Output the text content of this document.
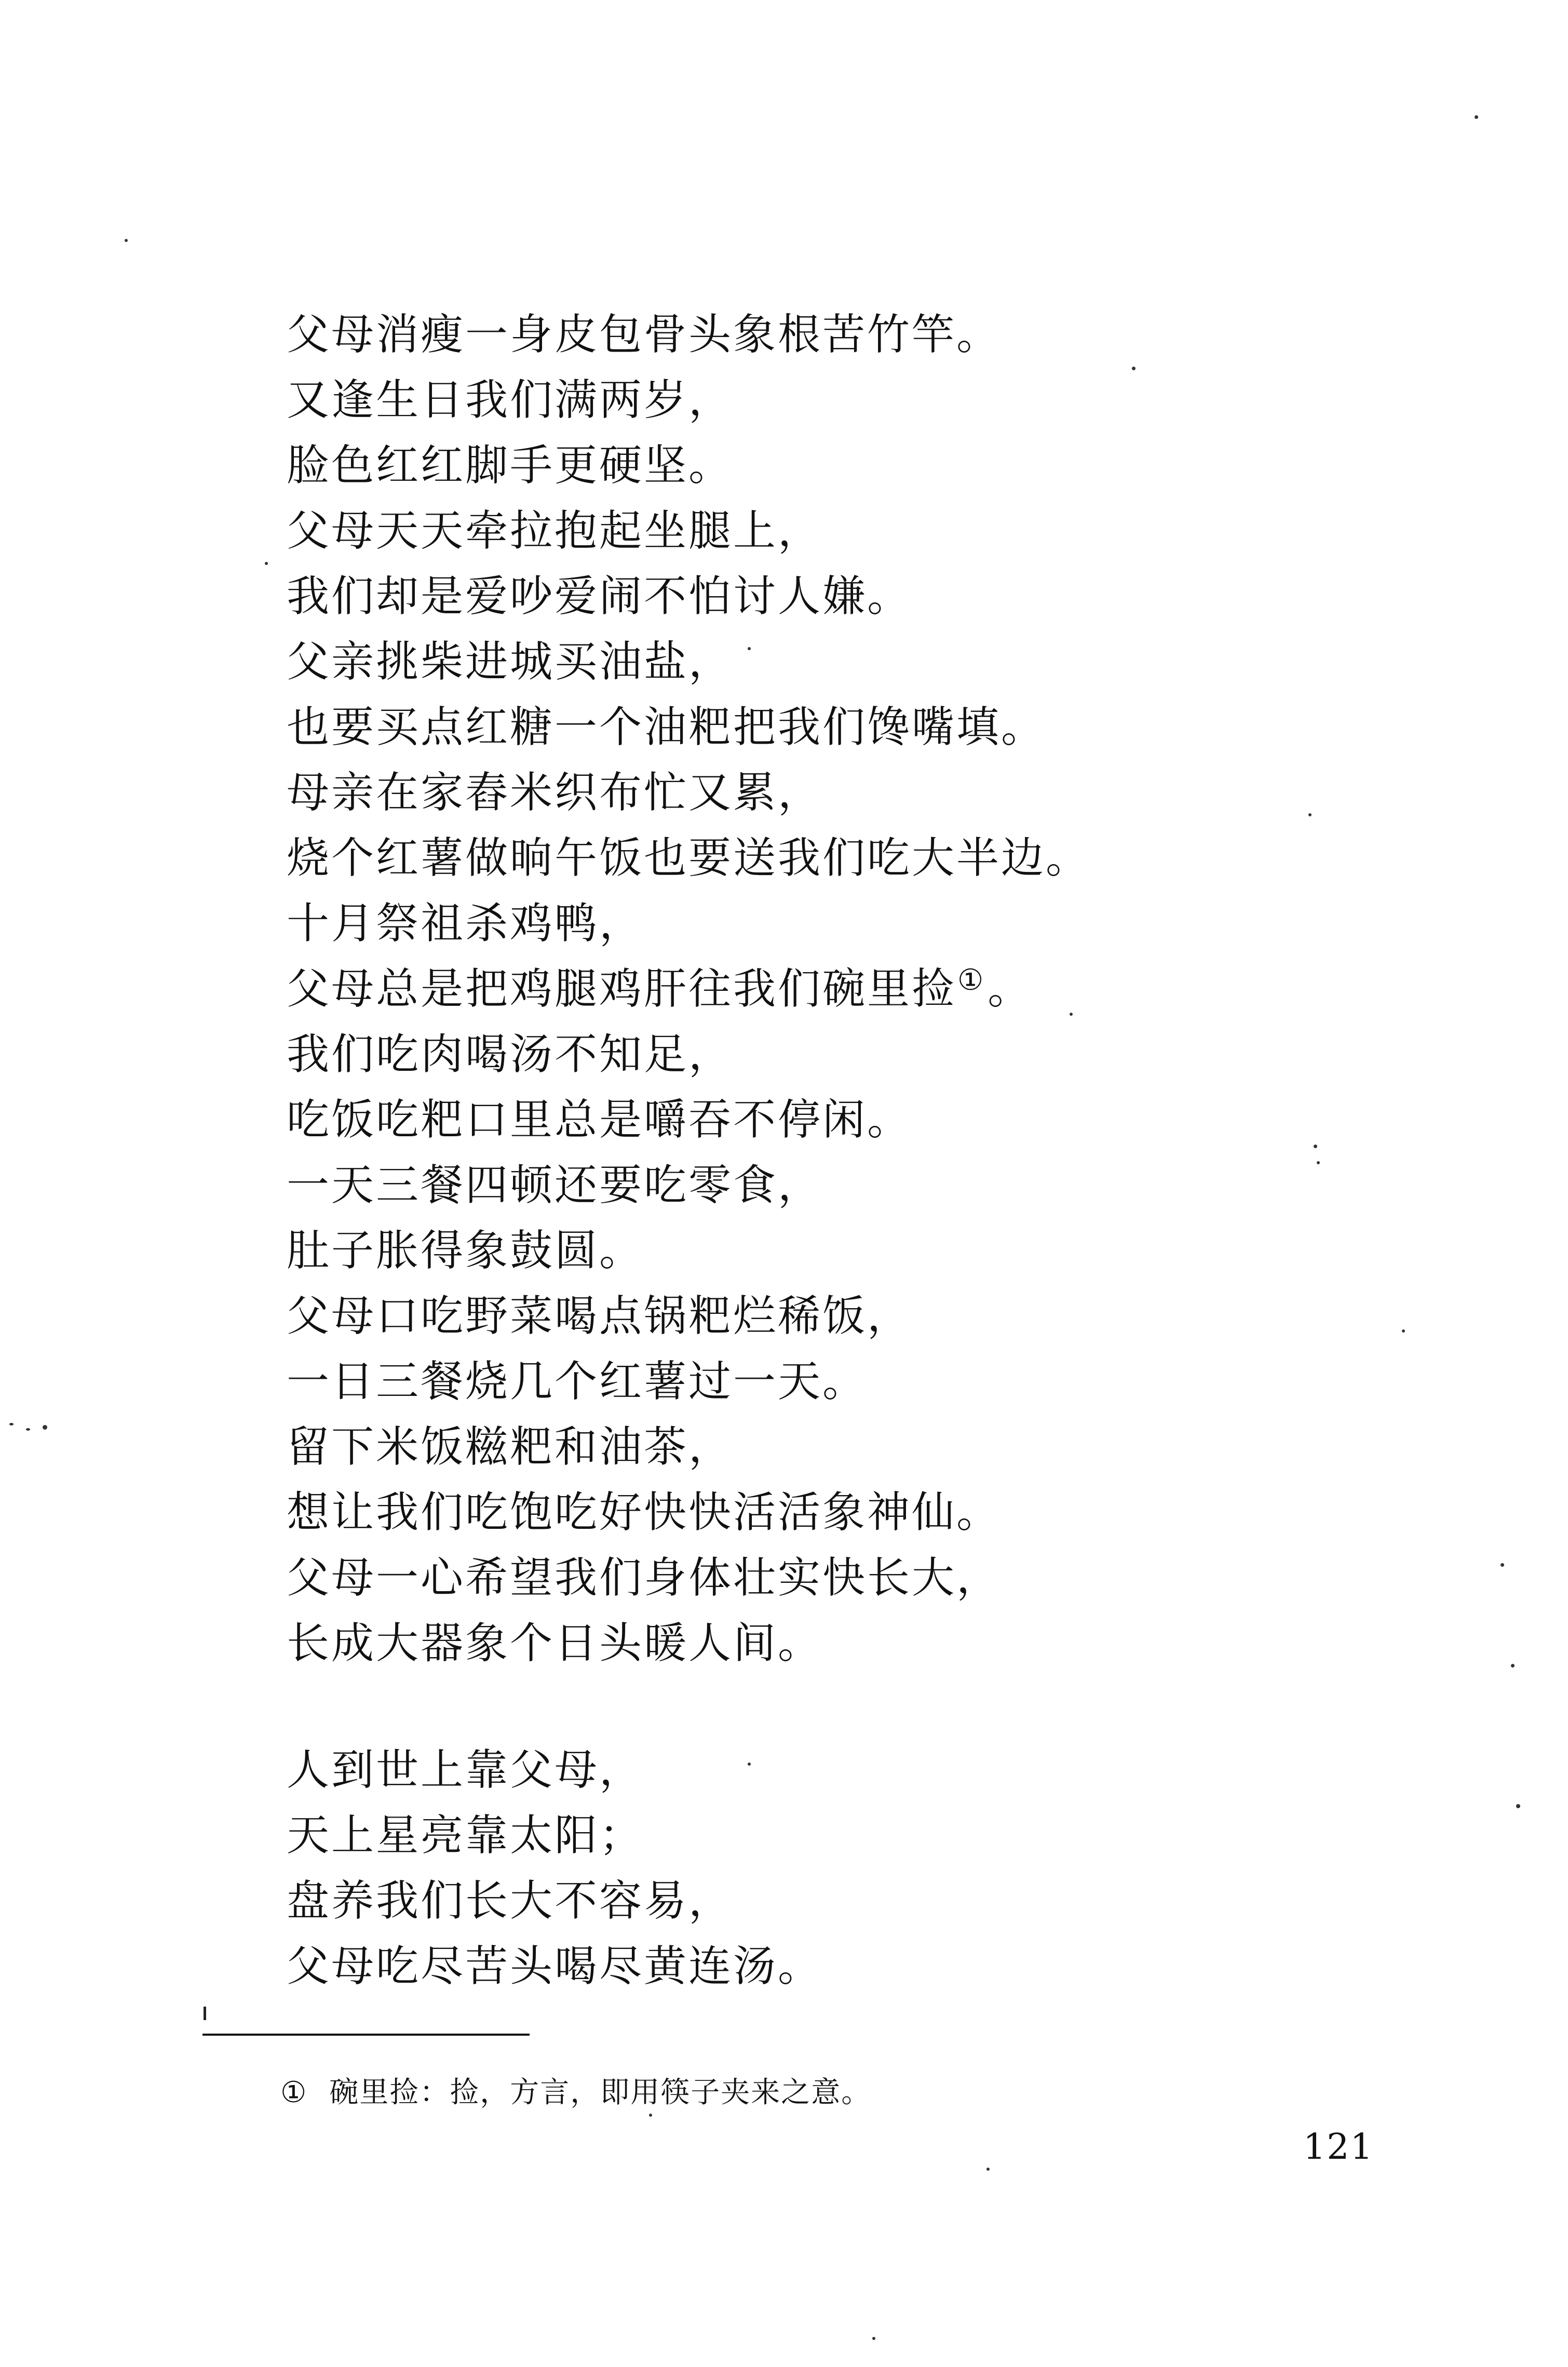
父母消瘦一身皮包骨头象根苦竹竿。
又逢生日我们满两岁，
脸色红红脚手更硬坚。
父母天天牵拉抱起坐腿上，
我们却是爱吵爱闹不怕讨人嫌。
父亲挑柴进城买油盐，
也要买点红糖一个油粑把我们馋嘴填。
母亲在家舂米织布忙又累，
烧个红薯做晌午饭也要送我们吃大半边。
十月祭祖杀鸡鸭，
父母总是把鸡腿鸡肝往我们碗里捡①。
我们吃肉喝汤不知足，
吃饭吃粑口里总是嚼吞不停闲。
一天三餐四顿还要吃零食，
肚子胀得象鼓圆。
父母口吃野菜喝点锅粑烂稀饭，
一日三餐烧几个红薯过一天。
留下米饭糍粑和油茶，
想让我们吃饱吃好快快活活象神仙。
父母一心希望我们身体壮实快长大，
长成大器象个日头暖人间。
人到世上靠父母，
天上星亮靠太阳；
盘养我们长大不容易，
父母吃尽苦头喝尽黄连汤。
① 碗里捡：捡，方言，即用筷子夹来之意。
121
